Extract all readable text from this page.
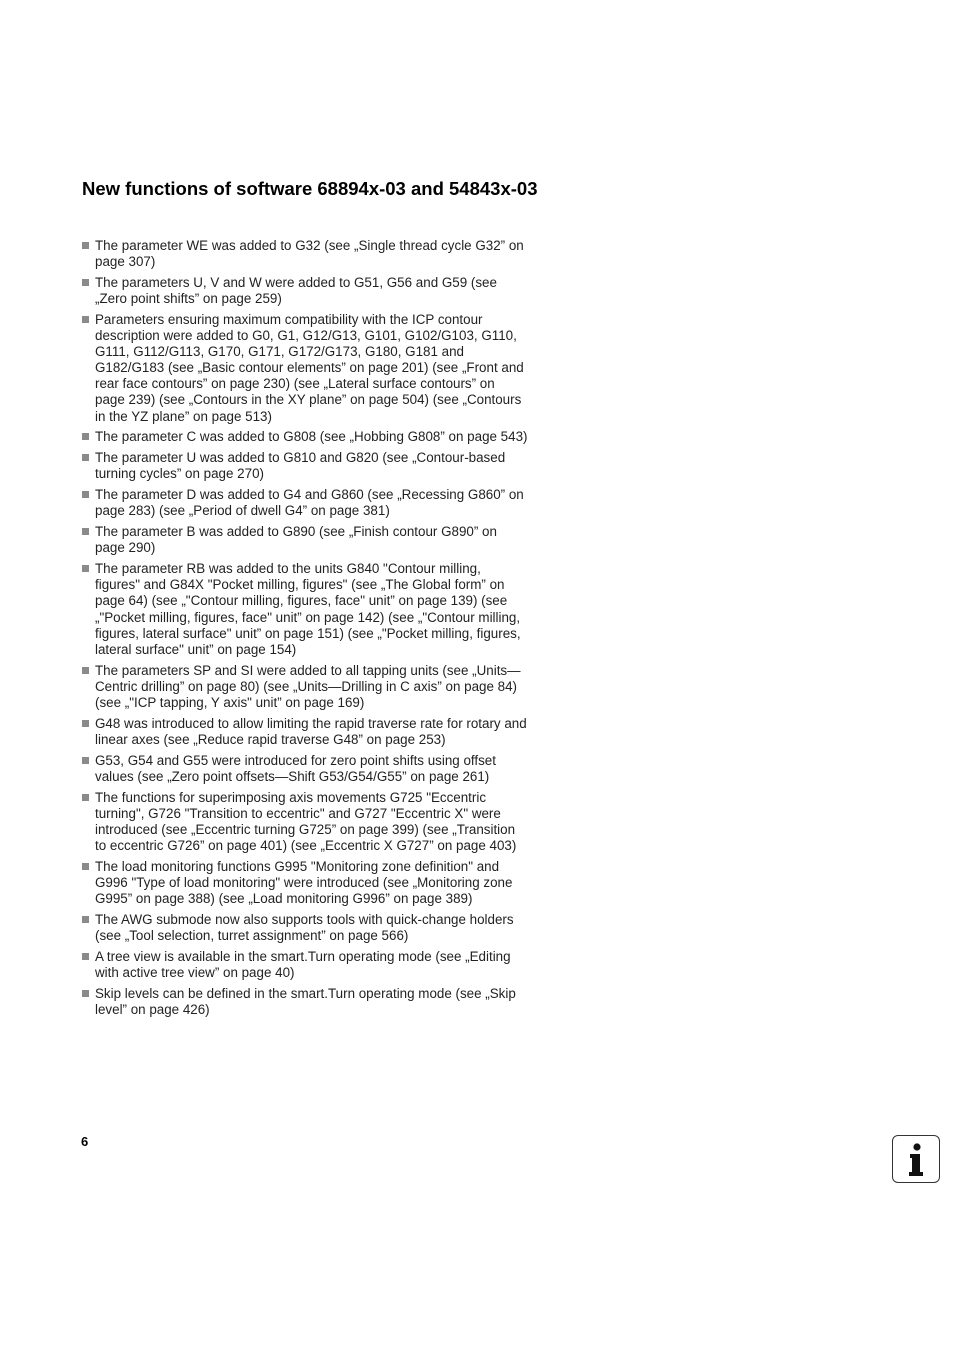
New functions of software 68894x-03 and 54843x-03
The parameter WE was added to G32 (see „Single thread cycle G32” on page 307)
The parameters U, V and W were added to G51, G56 and G59 (see „Zero point shifts” on page 259)
Parameters ensuring maximum compatibility with the ICP contour description were added to G0, G1, G12/G13, G101, G102/G103, G110, G111, G112/G113, G170, G171, G172/G173, G180, G181 and G182/G183 (see „Basic contour elements” on page 201) (see „Front and rear face contours” on page 230) (see „Lateral surface contours” on page 239) (see „Contours in the XY plane” on page 504) (see „Contours in the YZ plane” on page 513)
The parameter C was added to G808 (see „Hobbing G808” on page 543)
The parameter U was added to G810 and G820 (see „Contour-based turning cycles” on page 270)
The parameter D was added to G4 and G860 (see „Recessing G860” on page 283) (see „Period of dwell G4” on page 381)
The parameter B was added to G890 (see „Finish contour G890” on page 290)
The parameter RB was added to the units G840 "Contour milling, figures" and G84X "Pocket milling, figures" (see „The Global form” on page 64) (see „"Contour milling, figures, face" unit” on page 139) (see „"Pocket milling, figures, face" unit” on page 142) (see „"Contour milling, figures, lateral surface" unit” on page 151) (see „"Pocket milling, figures, lateral surface" unit” on page 154)
The parameters SP and SI were added to all tapping units (see „Units—Centric drilling” on page 80) (see „Units—Drilling in C axis” on page 84) (see „"ICP tapping, Y axis" unit” on page 169)
G48 was introduced to allow limiting the rapid traverse rate for rotary and linear axes (see „Reduce rapid traverse G48” on page 253)
G53, G54 and G55 were introduced for zero point shifts using offset values (see „Zero point offsets—Shift G53/G54/G55” on page 261)
The functions for superimposing axis movements G725 "Eccentric turning", G726 "Transition to eccentric" and G727 "Eccentric X" were introduced (see „Eccentric turning G725” on page 399) (see „Transition to eccentric G726” on page 401) (see „Eccentric X G727” on page 403)
The load monitoring functions G995 "Monitoring zone definition" and G996 "Type of load monitoring" were introduced (see „Monitoring zone G995” on page 388) (see „Load monitoring G996” on page 389)
The AWG submode now also supports tools with quick-change holders (see „Tool selection, turret assignment” on page 566)
A tree view is available in the smart.Turn operating mode (see „Editing with active tree view” on page 40)
Skip levels can be defined in the smart.Turn operating mode (see „Skip level” on page 426)
6
